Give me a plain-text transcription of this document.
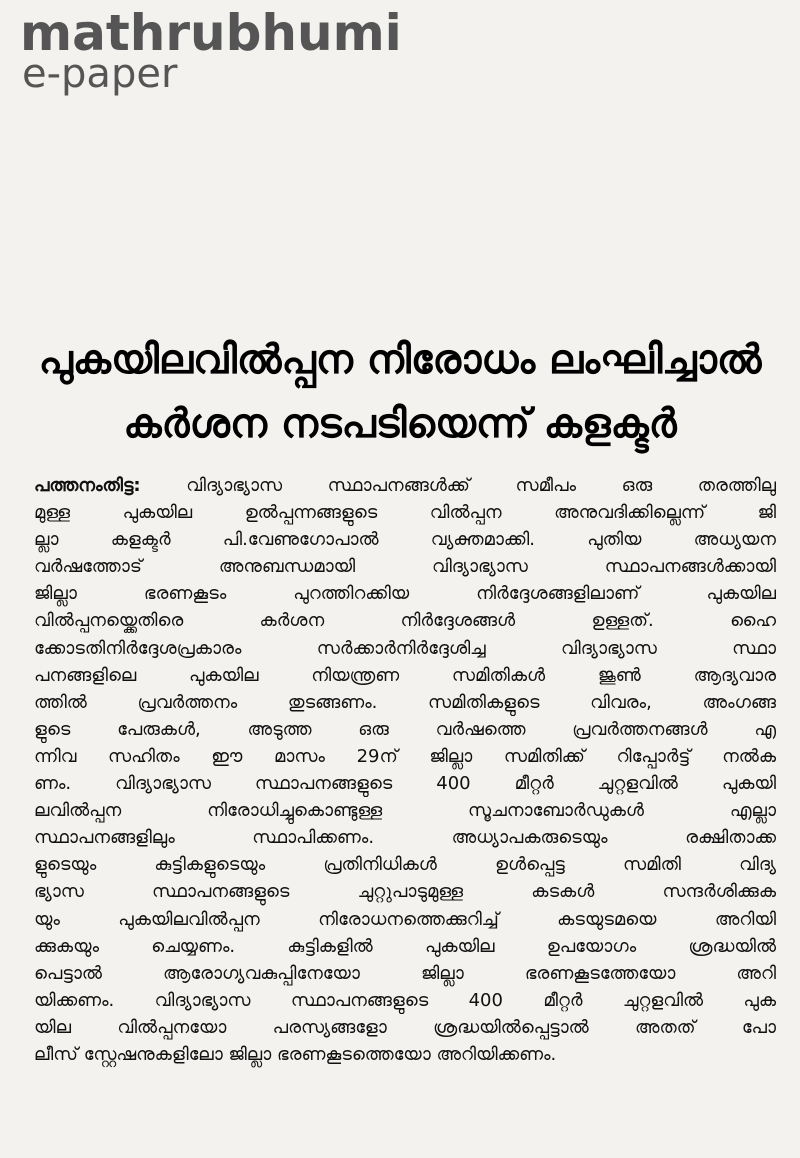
mathrubhumi
e-paper
പുകയിലവിൽപ്പന നിരോധം ലംഘിച്ചാൽ
കർശന നടപടിയെന്ന് കളക്ടർ
പത്തനംതിട്ട: വിദ്യാഭ്യാസ സ്ഥാപനങ്ങൾക്ക് സമീപം ഒരു തരത്തിലു
മുള്ള പുകയില ഉൽപ്പന്നങ്ങളുടെ വിൽപ്പന അനുവദിക്കില്ലെന്ന് ജി
ല്ലാ കളക്ടർ പി.വേണുഗോപാൽ വ്യക്തമാക്കി. പുതിയ അധ്യയന
വർഷത്തോട് അനുബന്ധമായി വിദ്യാഭ്യാസ സ്ഥാപനങ്ങൾക്കായി
ജില്ലാ ഭരണകൂടം പുറത്തിറക്കിയ നിർദ്ദേശങ്ങളിലാണ് പുകയില
വിൽപ്പനയ്ക്കെതിരെ കർശന നിർദ്ദേശങ്ങൾ ഉള്ളത്. ഹൈ
ക്കോടതിനിർദ്ദേശപ്രകാരം സർക്കാർനിർദ്ദേശിച്ച വിദ്യാഭ്യാസ സ്ഥാ
പനങ്ങളിലെ പുകയില നിയന്ത്രണ സമിതികൾ ജൂൺ ആദ്യവാര
ത്തിൽ പ്രവർത്തനം തുടങ്ങണം. സമിതികളുടെ വിവരം, അംഗങ്ങ
ളുടെ പേരുകൾ, അടുത്ത ഒരു വർഷത്തെ പ്രവർത്തനങ്ങൾ എ
ന്നിവ സഹിതം ഈ മാസം 29ന് ജില്ലാ സമിതിക്ക് റിപ്പോർട്ട് നൽക
ണം. വിദ്യാഭ്യാസ സ്ഥാപനങ്ങളുടെ 400 മീറ്റർ ചുറ്റളവിൽ പുകയി
ലവിൽപ്പന നിരോധിച്ചുകൊണ്ടുള്ള സൂചനാബോർഡുകൾ എല്ലാ
സ്ഥാപനങ്ങളിലും സ്ഥാപിക്കണം. അധ്യാപകരുടെയും രക്ഷിതാക്ക
ളുടെയും കുട്ടികളുടെയും പ്രതിനിധികൾ ഉൾപ്പെട്ട സമിതി വിദ്യ
ഭ്യാസ സ്ഥാപനങ്ങളുടെ ചുറ്റുപാടുമുള്ള കടകൾ സന്ദർശിക്കുക
യും പുകയിലവിൽപ്പന നിരോധനത്തെക്കുറിച്ച് കടയുടമയെ അറിയി
ക്കുകയും ചെയ്യണം. കുട്ടികളിൽ പുകയില ഉപയോഗം ശ്രദ്ധയിൽ
പെട്ടാൽ ആരോഗ്യവകുപ്പിനേയോ ജില്ലാ ഭരണകൂടത്തേയോ അറി
യിക്കണം. വിദ്യാഭ്യാസ സ്ഥാപനങ്ങളുടെ 400 മീറ്റർ ചുറ്റളവിൽ പുക
യില വിൽപ്പനയോ പരസ്യങ്ങളോ ശ്രദ്ധയിൽപ്പെട്ടാൽ അതത് പോ
ലീസ് സ്റ്റേഷനുകളിലോ ജില്ലാ ഭരണകൂടത്തെയോ അറിയിക്കണം.
